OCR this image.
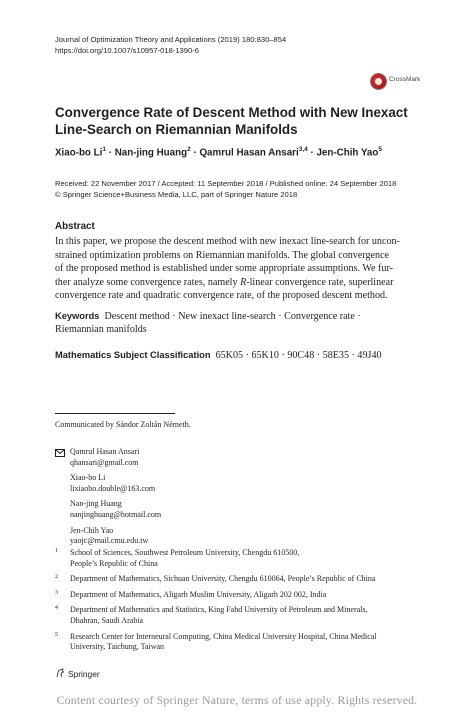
Journal of Optimization Theory and Applications (2019) 180:830–854
https://doi.org/10.1007/s10957-018-1390-6
CrossMark
Convergence Rate of Descent Method with New Inexact
Line-Search on Riemannian Manifolds
Xiao-bo $Li^1$ · Nan-jing Huang$^2$ · Qamrul Hasan Ansari$^{3,4}$ · Jen-Chih Yao$^5$
Received: 22 November 2017 / Accepted: 11 September 2018 / Published online: 24 September 2018
© Springer Science+Business Media, LLC, part of Springer Nature 2018
Abstract
In this paper, we propose the descent method with new inexact line-search for uncon-
strained optimization problems on Riemannian manifolds. The global convergence
of the proposed method is established under some appropriate assumptions. We fur-
ther analyze some convergence rates, namely R-linear convergence rate, superlinear
convergence rate and quadratic convergence rate, of the proposed descent method.
Keywords Descent method · New inexact line-search · Convergence rate ·
Riemannian manifolds
Mathematics Subject Classification 65K05 · 65K10 · 90C48 · 58E35 · 49J40
Communicated by Sándor Zoltán Németh.
Qamrul Hasan Ansari
qhansari@gmail.com
Xiao-bo Li
lixiaobo.double@163.com
Nan-jing Huang
nanjinghuang@hotmail.com
Jen-Chih Yao
yaojc@mail.cmu.edu.tw
1 School of Sciences, Southwest Petroleum University, Chengdu 610500,
People’s Republic of China
2 Department of Mathematics, Sichuan University, Chengdu 610064, People’s Republic of China
3 Department of Mathematics, Aligarh Muslim University, Aligarh 202 002, India
4 Department of Mathematics and Statistics, King Fahd University of Petroleum and Minerals,
Dhahran, Saudi Arabia
5 Research Center for Interneural Computing, China Medical University Hospital, China Medical
University, Taichung, Taiwan
Springer
Content courtesy of Springer Nature, terms of use apply. Rights reserved.
